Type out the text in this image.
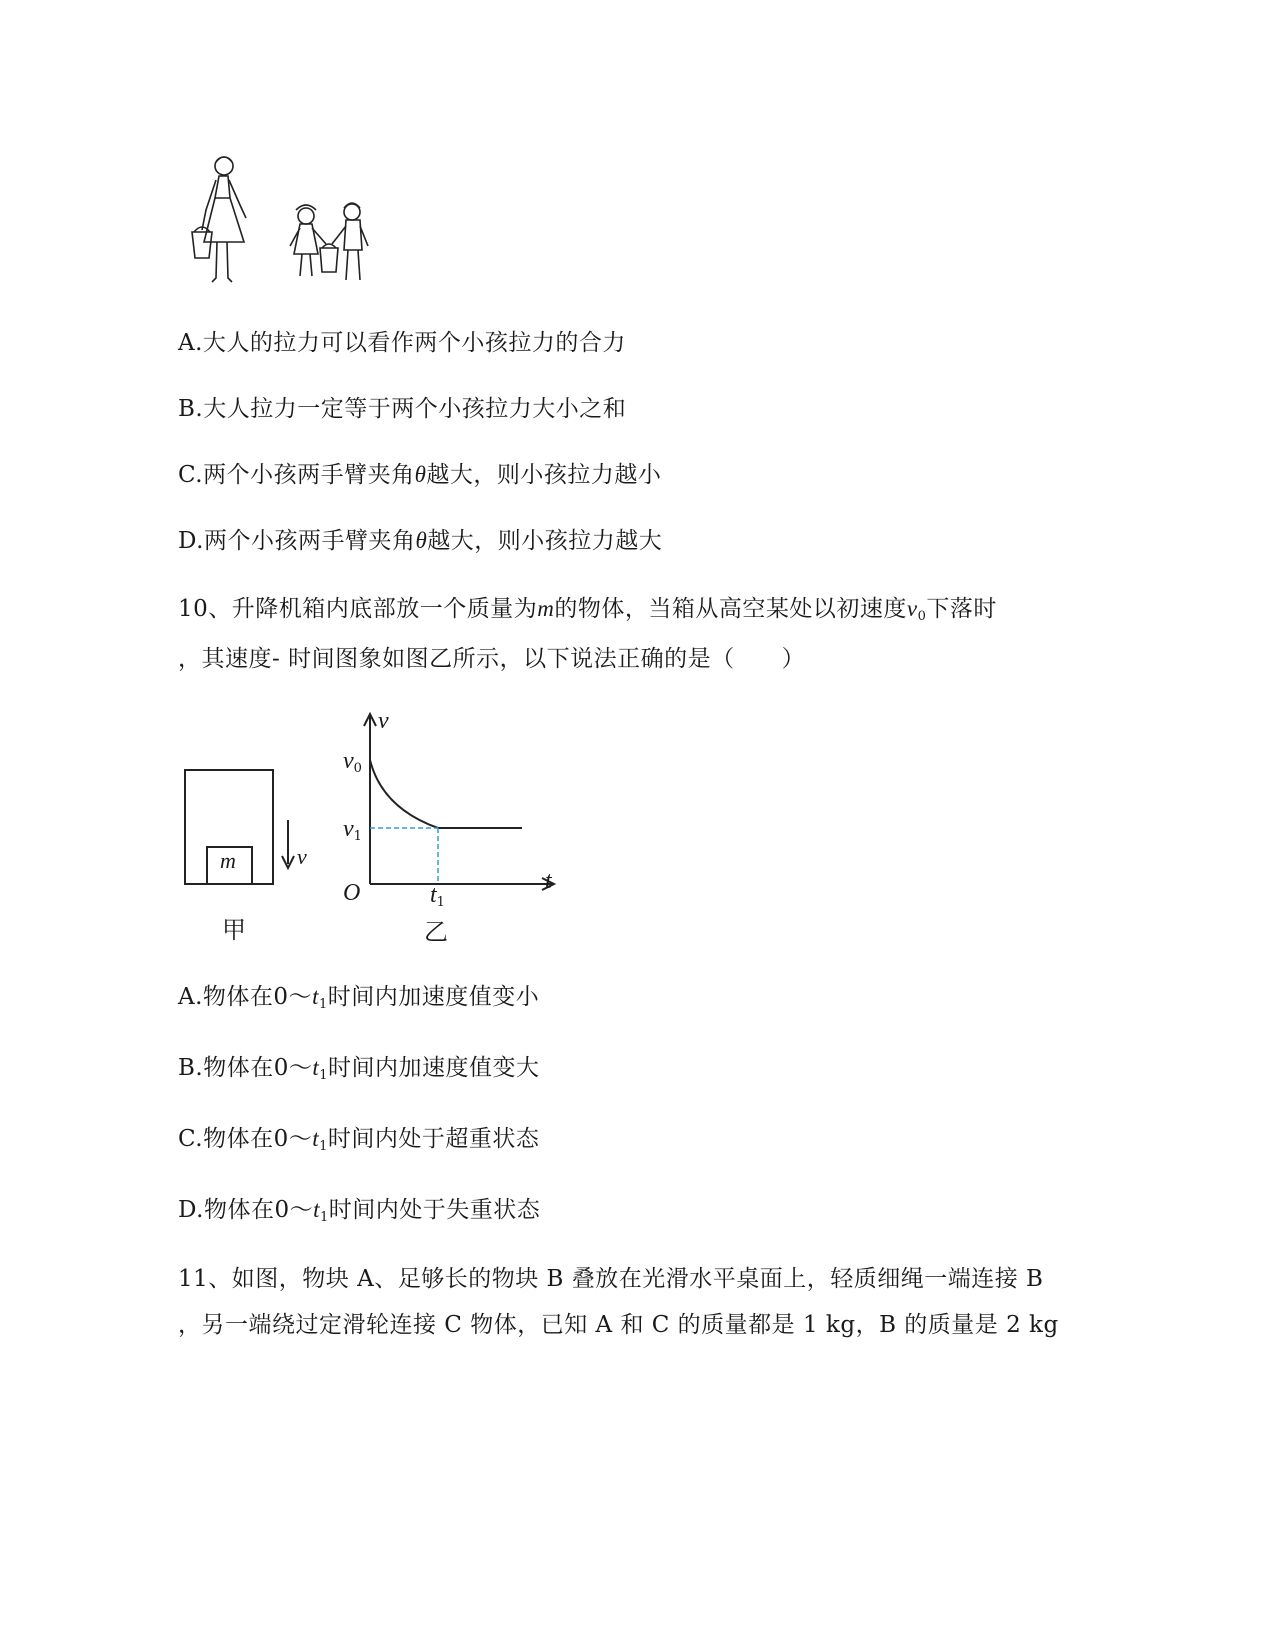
A.大人的拉力可以看作两个小孩拉力的合力
B.大人拉力一定等于两个小孩拉力大小之和
C.两个小孩两手臂夹角θ越大，则小孩拉力越小
D.两个小孩两手臂夹角θ越大，则小孩拉力越大
10、升降机箱内底部放一个质量为m的物体，当箱从高空某处以初速度$v_0$下落时
，其速度- 时间图象如图乙所示，以下说法正确的是（　　）
m	v
甲
v
t
O
$v_0$
$v_1$
$t_1$
乙
A.物体在$0\sim t_1$时间内加速度值变小
B.物体在$0\sim t_1$时间内加速度值变大
C.物体在$0\sim t_1$时间内处于超重状态
D.物体在$0\sim t_1$时间内处于失重状态
11、如图，物块 A、足够长的物块 B 叠放在光滑水平桌面上，轻质细绳一端连接 B
，另一端绕过定滑轮连接 C 物体，已知 A 和 C 的质量都是 1 kg，B 的质量是 2 kg
